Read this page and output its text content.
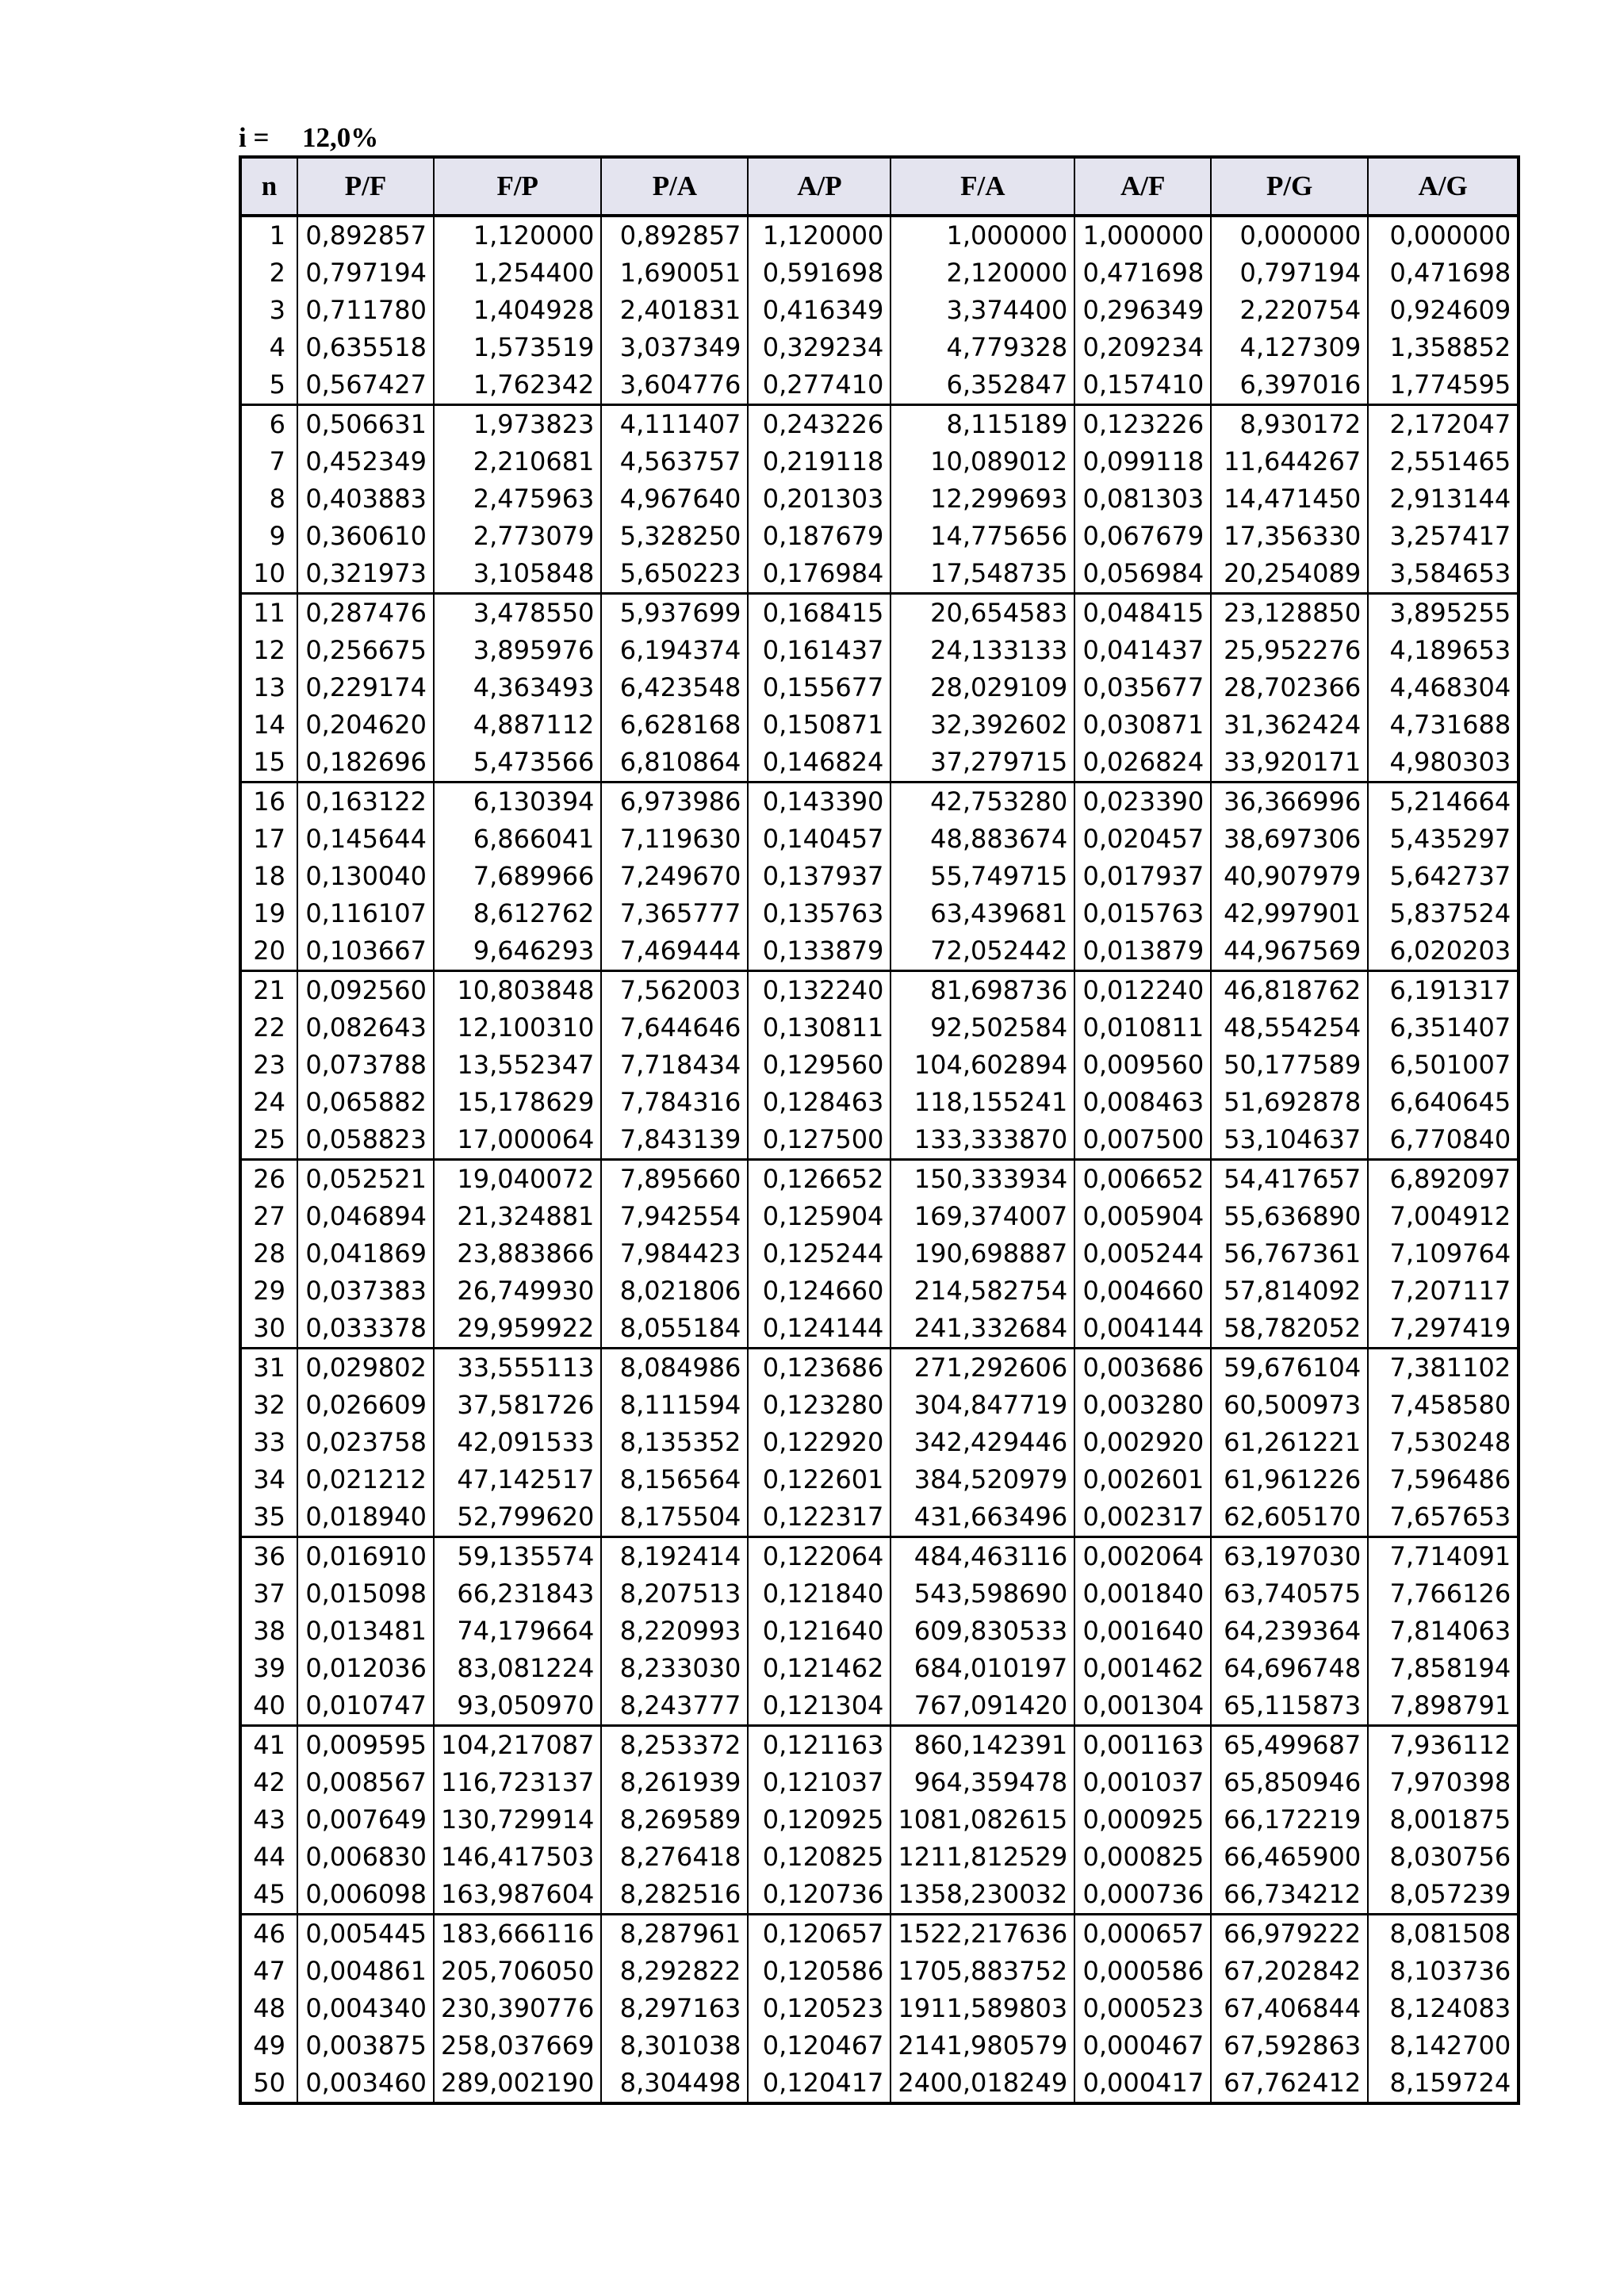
i = 12,0%
n	P/F	F/P	P/A	A/P	F/A	A/F	P/G	A/G
1	0,892857	1,120000	0,892857	1,120000	1,000000	1,000000	0,000000	0,000000
2	0,797194	1,254400	1,690051	0,591698	2,120000	0,471698	0,797194	0,471698
3	0,711780	1,404928	2,401831	0,416349	3,374400	0,296349	2,220754	0,924609
4	0,635518	1,573519	3,037349	0,329234	4,779328	0,209234	4,127309	1,358852
5	0,567427	1,762342	3,604776	0,277410	6,352847	0,157410	6,397016	1,774595
6	0,506631	1,973823	4,111407	0,243226	8,115189	0,123226	8,930172	2,172047
7	0,452349	2,210681	4,563757	0,219118	10,089012	0,099118	11,644267	2,551465
8	0,403883	2,475963	4,967640	0,201303	12,299693	0,081303	14,471450	2,913144
9	0,360610	2,773079	5,328250	0,187679	14,775656	0,067679	17,356330	3,257417
10	0,321973	3,105848	5,650223	0,176984	17,548735	0,056984	20,254089	3,584653
11	0,287476	3,478550	5,937699	0,168415	20,654583	0,048415	23,128850	3,895255
12	0,256675	3,895976	6,194374	0,161437	24,133133	0,041437	25,952276	4,189653
13	0,229174	4,363493	6,423548	0,155677	28,029109	0,035677	28,702366	4,468304
14	0,204620	4,887112	6,628168	0,150871	32,392602	0,030871	31,362424	4,731688
15	0,182696	5,473566	6,810864	0,146824	37,279715	0,026824	33,920171	4,980303
16	0,163122	6,130394	6,973986	0,143390	42,753280	0,023390	36,366996	5,214664
17	0,145644	6,866041	7,119630	0,140457	48,883674	0,020457	38,697306	5,435297
18	0,130040	7,689966	7,249670	0,137937	55,749715	0,017937	40,907979	5,642737
19	0,116107	8,612762	7,365777	0,135763	63,439681	0,015763	42,997901	5,837524
20	0,103667	9,646293	7,469444	0,133879	72,052442	0,013879	44,967569	6,020203
21	0,092560	10,803848	7,562003	0,132240	81,698736	0,012240	46,818762	6,191317
22	0,082643	12,100310	7,644646	0,130811	92,502584	0,010811	48,554254	6,351407
23	0,073788	13,552347	7,718434	0,129560	104,602894	0,009560	50,177589	6,501007
24	0,065882	15,178629	7,784316	0,128463	118,155241	0,008463	51,692878	6,640645
25	0,058823	17,000064	7,843139	0,127500	133,333870	0,007500	53,104637	6,770840
26	0,052521	19,040072	7,895660	0,126652	150,333934	0,006652	54,417657	6,892097
27	0,046894	21,324881	7,942554	0,125904	169,374007	0,005904	55,636890	7,004912
28	0,041869	23,883866	7,984423	0,125244	190,698887	0,005244	56,767361	7,109764
29	0,037383	26,749930	8,021806	0,124660	214,582754	0,004660	57,814092	7,207117
30	0,033378	29,959922	8,055184	0,124144	241,332684	0,004144	58,782052	7,297419
31	0,029802	33,555113	8,084986	0,123686	271,292606	0,003686	59,676104	7,381102
32	0,026609	37,581726	8,111594	0,123280	304,847719	0,003280	60,500973	7,458580
33	0,023758	42,091533	8,135352	0,122920	342,429446	0,002920	61,261221	7,530248
34	0,021212	47,142517	8,156564	0,122601	384,520979	0,002601	61,961226	7,596486
35	0,018940	52,799620	8,175504	0,122317	431,663496	0,002317	62,605170	7,657653
36	0,016910	59,135574	8,192414	0,122064	484,463116	0,002064	63,197030	7,714091
37	0,015098	66,231843	8,207513	0,121840	543,598690	0,001840	63,740575	7,766126
38	0,013481	74,179664	8,220993	0,121640	609,830533	0,001640	64,239364	7,814063
39	0,012036	83,081224	8,233030	0,121462	684,010197	0,001462	64,696748	7,858194
40	0,010747	93,050970	8,243777	0,121304	767,091420	0,001304	65,115873	7,898791
41	0,009595	104,217087	8,253372	0,121163	860,142391	0,001163	65,499687	7,936112
42	0,008567	116,723137	8,261939	0,121037	964,359478	0,001037	65,850946	7,970398
43	0,007649	130,729914	8,269589	0,120925	1081,082615	0,000925	66,172219	8,001875
44	0,006830	146,417503	8,276418	0,120825	1211,812529	0,000825	66,465900	8,030756
45	0,006098	163,987604	8,282516	0,120736	1358,230032	0,000736	66,734212	8,057239
46	0,005445	183,666116	8,287961	0,120657	1522,217636	0,000657	66,979222	8,081508
47	0,004861	205,706050	8,292822	0,120586	1705,883752	0,000586	67,202842	8,103736
48	0,004340	230,390776	8,297163	0,120523	1911,589803	0,000523	67,406844	8,124083
49	0,003875	258,037669	8,301038	0,120467	2141,980579	0,000467	67,592863	8,142700
50	0,003460	289,002190	8,304498	0,120417	2400,018249	0,000417	67,762412	8,159724
